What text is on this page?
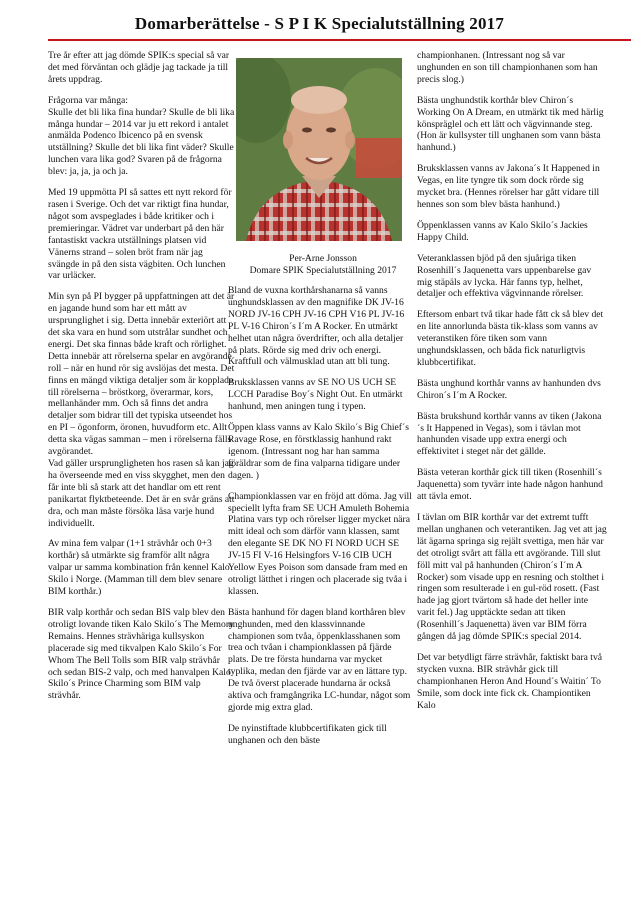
Domarberättelse - S P I K Specialutställning 2017

Tre år efter att jag dömde SPIK:s special så var det med förväntan och glädje jag tackade ja till årets uppdrag.

Frågorna var många:
Skulle det bli lika fina hundar? Skulle de bli lika många hundar – 2014 var ju ett rekord i antalet anmälda Podenco Ibicenco på en svensk utställning? Skulle det bli lika fint väder? Skulle lunchen vara lika god? Svaren på de frågorna blev: ja, ja, ja och ja.

Med 19 uppmötta PI så sattes ett nytt rekord för rasen i Sverige. Och det var riktigt fina hundar, något som avspeglades i både kritiker och i premieringar. Vädret var underbart på den här fantastiskt vackra utställnings platsen vid Vänerns strand – solen bröt fram när jag svängde in på den sista vägbiten. Och lunchen var urläcker.

Min syn på PI bygger på uppfattningen att det är en jagande hund som har ett mått av ursprunglighet i sig. Detta innebär exteriört att det ska vara en hund som utstrålar sundhet och energi. Det ska finnas både kraft och rörlighet. Detta innebär att rörelserna spelar en avgörande roll – när en hund rör sig avslöjas det mesta. Det finns en mängd viktiga detaljer som är kopplade till rörelserna – bröstkorg, överarmar, kors, mellanhänder mm. Och så finns det andra detaljer som bidrar till det typiska utseendet hos en PI – ögonform, öronen, huvudform etc. Allt detta ska vägas samman – men i rörelserna fälls avgörandet.
Vad gäller ursprungligheten hos rasen så kan jag ha överseende med en viss skygghet, men den får inte bli så stark att det handlar om ett rent panikartat flyktbeteende. Det är en svår gräns att dra, och man måste försöka läsa varje hund individuellt.

Av mina fem valpar (1+1 strävhår och 0+3 korthår) så utmärkte sig framför allt några valpar ur samma kombination från kennel Kalo Skilo i Norge. (Mamman till dem blev senare BIM korthår.)

BIR valp korthår och sedan BIS valp blev den otroligt lovande tiken Kalo Skilo´s The Memory Remains. Hennes strävhäriga kullsyskon placerade sig med tikvalpen Kalo Skilo´s For Whom The Bell Tolls som BIR valp strävhår och sedan BIS-2 valp, och med hanvalpen Kalo Skilo´s Prince Charming som BIM valp strävhår.

Per-Arne Jonsson
Domare SPIK Specialutställning 2017

Bland de vuxna korthårshanarna så vanns unghundsklassen av den magnifike DK JV-16 NORD JV-16 CPH JV-16 CPH V16 PL JV-16 PL V-16 Chiron´s I´m A Rocker. En utmärkt helhet utan några överdrifter, och alla detaljer på plats. Rörde sig med driv och energi. Kraftfull och välmusklad utan att bli tung.

Bruksklassen vanns av SE NO US UCH SE LCCH Paradise Boy´s Night Out. En utmärkt hanhund, men aningen tung i typen.

Öppen klass vanns av Kalo Skilo´s Big Chief´s Ravage Rose, en förstklassig hanhund rakt igenom. (Intressant nog har han samma föräldrar som de fina valparna tidigare under dagen. )

Championklassen var en fröjd att döma. Jag vill speciellt lyfta fram SE UCH Amuleth Bohemia Platina vars typ och rörelser ligger mycket nära mitt ideal och som därför vann klassen, samt den elegante SE DK NO FI NORD UCH SE JV-15 FI V-16 Helsingfors V-16 CIB UCH Yellow Eyes Poison som dansade fram med en otroligt lätthet i ringen och placerade sig tvåa i klassen.

Bästa hanhund för dagen bland korthåren blev unghunden, med den klassvinnande championen som tvåa, öppenklasshanen som trea och tvåan i championklassen på fjärde plats. De tre första hundarna var mycket typlika, medan den fjärde var av en lättare typ. De två överst placerade hundarna är också aktiva och framgångrika LC-hundar, något som gjorde mig extra glad.

De nyinstiftade klubbcertifikaten gick till unghanen och den bäste

championhanen. (Intressant nog så var unghunden en son till championhanen som han precis slog.)

Bästa unghundstik korthår blev Chiron´s Working On A Dream, en utmärkt tik med härlig könspräglel och ett lätt och vägvinnande steg. (Hon är kullsyster till unghanen som vann bästa hanhund.)

Bruksklassen vanns av Jakona´s It Happened in Vegas, en lite tyngre tik som dock rörde sig mycket bra. (Hennes rörelser har gått vidare till hennes son som blev bästa hanhund.)

Öppenklassen vanns av Kalo Skilo´s Jackies Happy Child.

Veteranklassen bjöd på den sjuåriga tiken Rosenhill´s Jaquenetta vars uppenbarelse gav mig stäpäls av lycka. Här fanns typ, helhet, detaljer och effektiva vägvinnande rörelser.

Eftersom enbart två tikar hade fått ck så blev det en lite annorlunda bästa tik-klass som vanns av veteranstiken före tiken som vann unghundsklassen, och båda fick naturligtvis klubbcertifikat.

Bästa unghund korthår vanns av hanhunden dvs Chiron´s I´m A Rocker.

Bästa brukshund korthår vanns av tiken (Jakona´s It Happened in Vegas), som i tävlan mot hanhunden visade upp extra energi och effektivitet i steget när det gällde.

Bästa veteran korthår gick till tiken (Rosenhill´s Jaquenetta) som tyvärr inte hade någon hanhund att tävla emot.

I tävlan om BIR korthår var det extremt tufft mellan unghanen och veterantiken. Jag vet att jag lät ägarna springa sig rejält svettiga, men här var det otroligt svårt att fälla ett avgörande. Till slut föll mitt val på hanhunden (Chiron´s I´m A Rocker) som visade upp en resning och stolthet i ringen som resulterade i en gul-röd rosett. (Fast hade jag gjort tvärtom så hade det heller inte varit fel.) Jag upptäckte sedan att tiken (Rosenhill´s Jaquenetta) även var BIM förra gången då jag dömde SPIK:s special 2014.

Det var betydligt färre strävhår, faktiskt bara två stycken vuxna. BIR strävhår gick till championhanen Heron And Hound´s Waitin´ To Smile, som dock inte fick ck. Championtiken Kalo
